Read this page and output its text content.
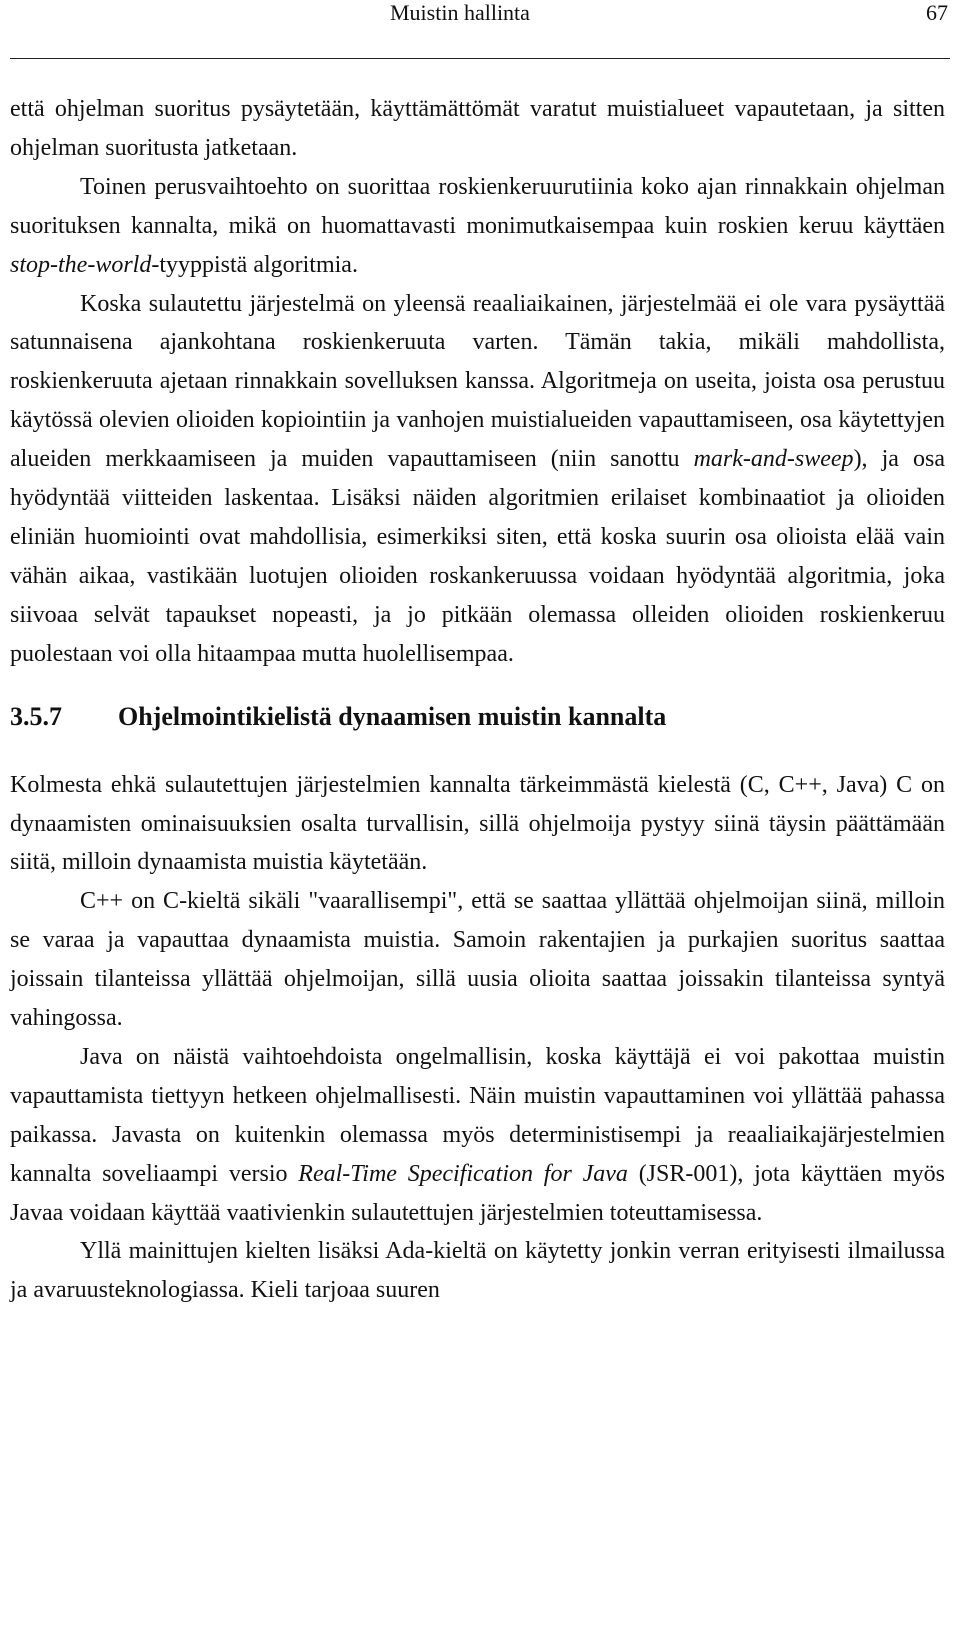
Muistin hallinta	67

että ohjelman suoritus pysäytetään, käyttämättömät varatut muistialueet vapautetaan, ja sitten ohjelman suoritusta jatketaan.

Toinen perusvaihtoehto on suorittaa roskienkeruurutiinia koko ajan rinnakkain ohjelman suorituksen kannalta, mikä on huomattavasti monimutkaisempaa kuin roskien keruu käyttäen stop-the-world-tyyppistä algoritmia.

Koska sulautettu järjestelmä on yleensä reaaliaikainen, järjestelmää ei ole vara pysäyttää satunnaisena ajankohtana roskienkeruuta varten. Tämän takia, mikäli mahdollista, roskienkeruuta ajetaan rinnakkain sovelluksen kanssa. Algoritmeja on useita, joista osa perustuu käytössä olevien olioiden kopiointiin ja vanhojen muistialueiden vapauttamiseen, osa käytettyjen alueiden merkkaamiseen ja muiden vapauttamiseen (niin sanottu mark-and-sweep), ja osa hyödyntää viitteiden laskentaa. Lisäksi näiden algoritmien erilaiset kombinaatiot ja olioiden eliniän huomiointi ovat mahdollisia, esimerkiksi siten, että koska suurin osa olioista elää vain vähän aikaa, vastikään luotujen olioiden roskankeruussa voidaan hyödyntää algoritmia, joka siivoaa selvät tapaukset nopeasti, ja jo pitkään olemassa olleiden olioiden roskienkeruu puolestaan voi olla hitaampaa mutta huolellisempaa.

3.5.7 Ohjelmointikielistä dynaamisen muistin kannalta

Kolmesta ehkä sulautettujen järjestelmien kannalta tärkeimmästä kielestä (C, C++, Java) C on dynaamisten ominaisuuksien osalta turvallisin, sillä ohjelmoija pystyy siinä täysin päättämään siitä, milloin dynaamista muistia käytetään.

C++ on C-kieltä sikäli "vaarallisempi", että se saattaa yllättää ohjelmoijan siinä, milloin se varaa ja vapauttaa dynaamista muistia. Samoin rakentajien ja purkajien suoritus saattaa joissain tilanteissa yllättää ohjelmoijan, sillä uusia olioita saattaa joissakin tilanteissa syntyä vahingossa.

Java on näistä vaihtoehdoista ongelmallisin, koska käyttäjä ei voi pakottaa muistin vapauttamista tiettyyn hetkeen ohjelmallisesti. Näin muistin vapauttaminen voi yllättää pahassa paikassa. Javasta on kuitenkin olemassa myös deterministisempi ja reaaliaikajärjestelmien kannalta soveliaampi versio Real-Time Specification for Java (JSR-001), jota käyttäen myös Javaa voidaan käyttää vaativienkin sulautettujen järjestelmien toteuttamisessa.

Yllä mainittujen kielten lisäksi Ada-kieltä on käytetty jonkin verran erityisesti ilmailussa ja avaruusteknologiassa. Kieli tarjoaa suuren
